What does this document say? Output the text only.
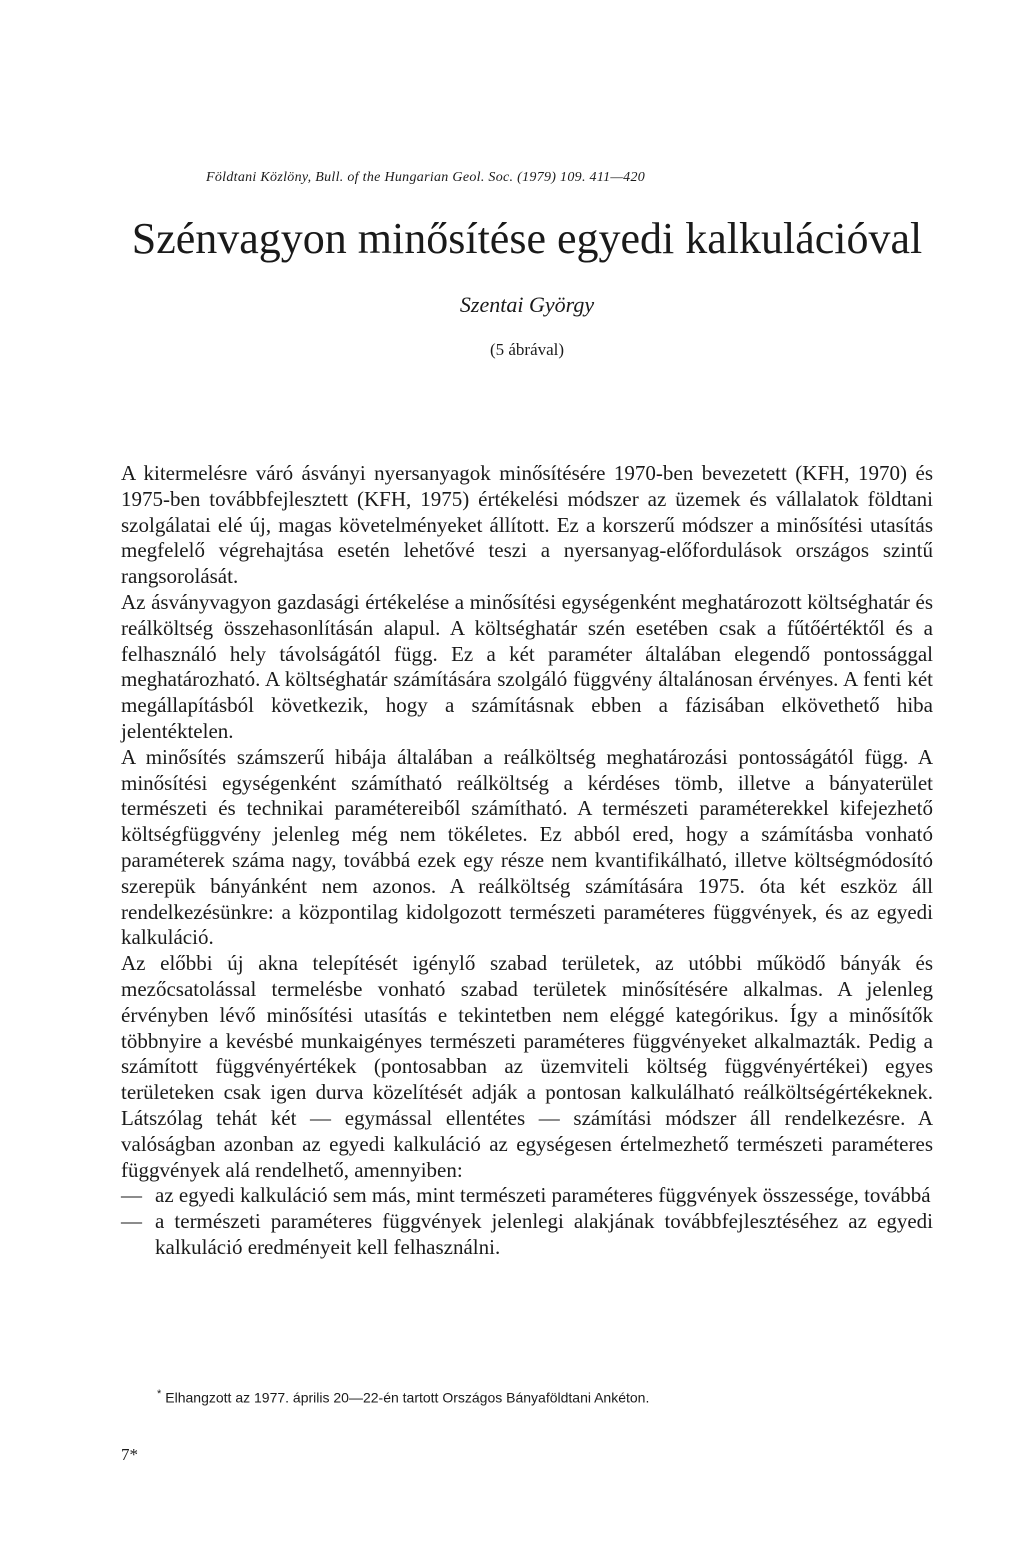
Földtani Közlöny, Bull. of the Hungarian Geol. Soc. (1979) 109. 411—420
Szénvagyon minősítése egyedi kalkulációval
Szentai György
(5 ábrával)

A kitermelésre váró ásványi nyersanyagok minősítésére 1970-ben bevezetett (KFH, 1970) és 1975-ben továbbfejlesztett (KFH, 1975) értékelési módszer az üzemek és vállalatok földtani szolgálatai elé új, magas követelményeket állított. Ez a korszerű módszer a minősítési utasítás megfelelő végrehajtása esetén lehetővé teszi a nyersanyag-előfordulások országos szintű rangsorolását.

Az ásványvagyon gazdasági értékelése a minősítési egységenként meghatározott költséghatár és reálköltség összehasonlításán alapul. A költséghatár szén esetében csak a fűtőértéktől és a felhasználó hely távolságától függ. Ez a két paraméter általában elegendő pontossággal meghatározható. A költséghatár számítására szolgáló függvény általánosan érvényes. A fenti két megállapításból következik, hogy a számításnak ebben a fázisában elkövethető hiba jelentéktelen.

A minősítés számszerű hibája általában a reálköltség meghatározási pontosságától függ. A minősítési egységenként számítható reálköltség a kérdéses tömb, illetve a bányaterület természeti és technikai paramétereiből számítható. A természeti paraméterekkel kifejezhető költségfüggvény jelenleg még nem tökéletes. Ez abból ered, hogy a számításba vonható paraméterek száma nagy, továbbá ezek egy része nem kvantifikálható, illetve költségmódosító szerepük bányánként nem azonos. A reálköltség számítására 1975. óta két eszköz áll rendelkezésünkre: a központilag kidolgozott természeti paraméteres függvények, és az egyedi kalkuláció.

Az előbbi új akna telepítését igénylő szabad területek, az utóbbi működő bányák és mezőcsatolással termelésbe vonható szabad területek minősítésére alkalmas. A jelenleg érvényben lévő minősítési utasítás e tekintetben nem eléggé kategórikus. Így a minősítők többnyire a kevésbé munkaigényes természeti paraméteres függvényeket alkalmazták. Pedig a számított függvényértékek (pontosabban az üzemviteli költség függvényértékei) egyes területeken csak igen durva közelítését adják a pontosan kalkulálható reálköltségértékeknek. Látszólag tehát két — egymással ellentétes — számítási módszer áll rendelkezésre. A valóságban azonban az egyedi kalkuláció az egységesen értelmezhető természeti paraméteres függvények alá rendelhető, amennyiben:

— az egyedi kalkuláció sem más, mint természeti paraméteres függvények összessége, továbbá
— a természeti paraméteres függvények jelenlegi alakjának továbbfejlesztéséhez az egyedi kalkuláció eredményeit kell felhasználni.
* Elhangzott az 1977. április 20—22-én tartott Országos Bányaföldtani Ankéton.
7*
